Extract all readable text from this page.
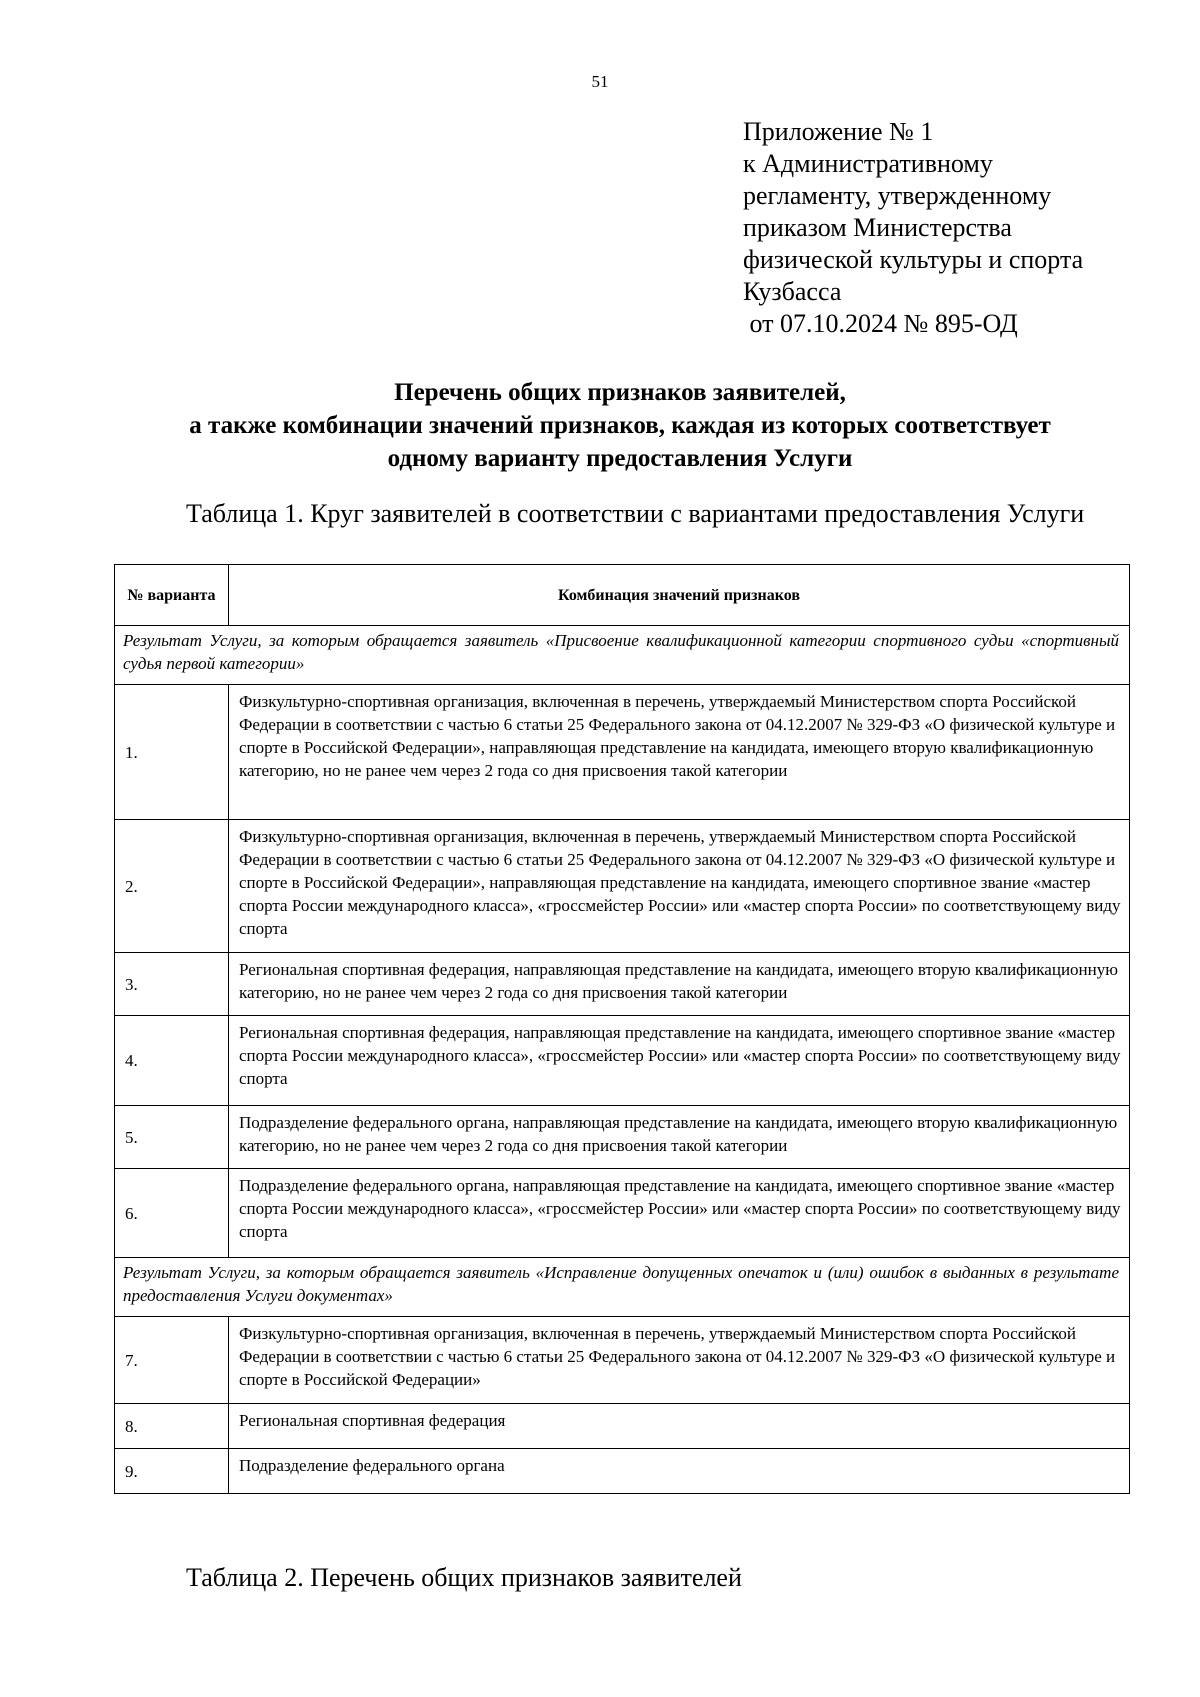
51
Приложение № 1
к Административному
регламенту, утвержденному
приказом Министерства
физической культуры и спорта
Кузбасса
от 07.10.2024 № 895-ОД
Перечень общих признаков заявителей,
а также комбинации значений признаков, каждая из которых соответствует
одному варианту предоставления Услуги
Таблица 1. Круг заявителей в соответствии с вариантами предоставления Услуги
№ варианта	Комбинация значений признаков
Результат Услуги, за которым обращается заявитель «Присвоение квалификационной категории спортивного судьи «спортивный судья первой категории»	
1.	Физкультурно-спортивная организация, включенная в перечень, утверждаемый Министерством спорта Российской Федерации в соответствии с частью 6 статьи 25 Федерального закона от 04.12.2007 № 329-ФЗ «О физической культуре и спорте в Российской Федерации», направляющая представление на кандидата, имеющего вторую квалификационную категорию, но не ранее чем через 2 года со дня присвоения такой категории
2.	Физкультурно-спортивная организация, включенная в перечень, утверждаемый Министерством спорта Российской Федерации в соответствии с частью 6 статьи 25 Федерального закона от 04.12.2007 № 329-ФЗ «О физической культуре и спорте в Российской Федерации», направляющая представление на кандидата, имеющего спортивное звание «мастер спорта России международного класса», «гроссмейстер России» или «мастер спорта России» по соответствующему виду спорта
3.	Региональная спортивная федерация, направляющая представление на кандидата, имеющего вторую квалификационную категорию, но не ранее чем через 2 года со дня присвоения такой категории
4.	Региональная спортивная федерация, направляющая представление на кандидата, имеющего спортивное звание «мастер спорта России международного класса», «гроссмейстер России» или «мастер спорта России» по соответствующему виду спорта
5.	Подразделение федерального органа, направляющая представление на кандидата, имеющего вторую квалификационную категорию, но не ранее чем через 2 года со дня присвоения такой категории
6.	Подразделение федерального органа, направляющая представление на кандидата, имеющего спортивное звание «мастер спорта России международного класса», «гроссмейстер России» или «мастер спорта России» по соответствующему виду спорта
Результат Услуги, за которым обращается заявитель «Исправление допущенных опечаток и (или) ошибок в выданных в результате предоставления Услуги документах»	
7.	Физкультурно-спортивная организация, включенная в перечень, утверждаемый Министерством спорта Российской Федерации в соответствии с частью 6 статьи 25 Федерального закона от 04.12.2007 № 329-ФЗ «О физической культуре и спорте в Российской Федерации»
8.	Региональная спортивная федерация
9.	Подразделение федерального органа
Таблица 2. Перечень общих признаков заявителей
